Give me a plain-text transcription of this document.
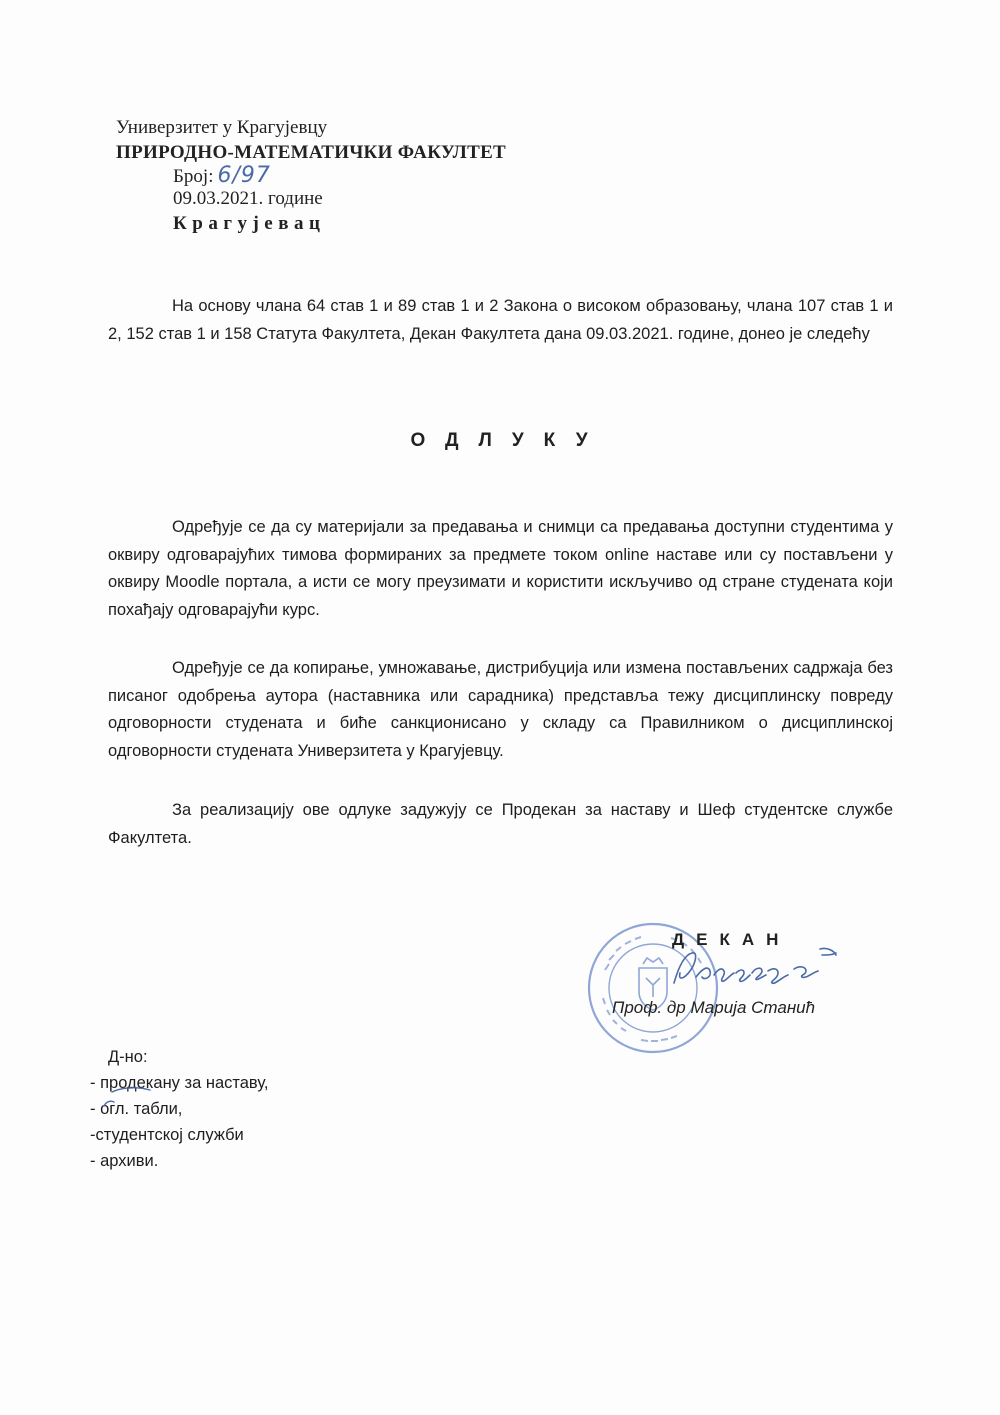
Универзитет у Крагујевцу
ПРИРОДНО-МАТЕМАТИЧКИ ФАКУЛТЕТ
Број: 6/97
09.03.2021. године
Крагујевац
На основу члана 64 став 1 и 89 став 1 и 2 Закона о високом образовању, члана 107 став 1 и 2, 152 став 1 и 158 Статута Факултета, Декан Факултета дана 09.03.2021. године, донео је следећу
ОДЛУКУ
Одређује се да су материјали за предавања и снимци са предавања доступни студентима у оквиру одговарајућих тимова формираних за предмете током online наставе или су постављени у оквиру Moodle портала, а исти се могу преузимати и користити искључиво од стране студената који похађају одговарајући курс.
Одређује се да копирање, умножавање, дистрибуција или измена постављених садржаја без писаног одобрења аутора (наставника или сарадника) представља тежу дисциплинску повреду одговорности студената и биће санкционисано у складу са Правилником о дисциплинској одговорности студената Универзитета у Крагујевцу.
За реализацију ове одлуке задужују се Продекан за наставу и Шеф студентске службе Факултета.
ДЕКАН
Проф. др Марија Станић
Д-но:
- продекану за наставу,
- огл. табли,
-студентској служби
- архиви.
